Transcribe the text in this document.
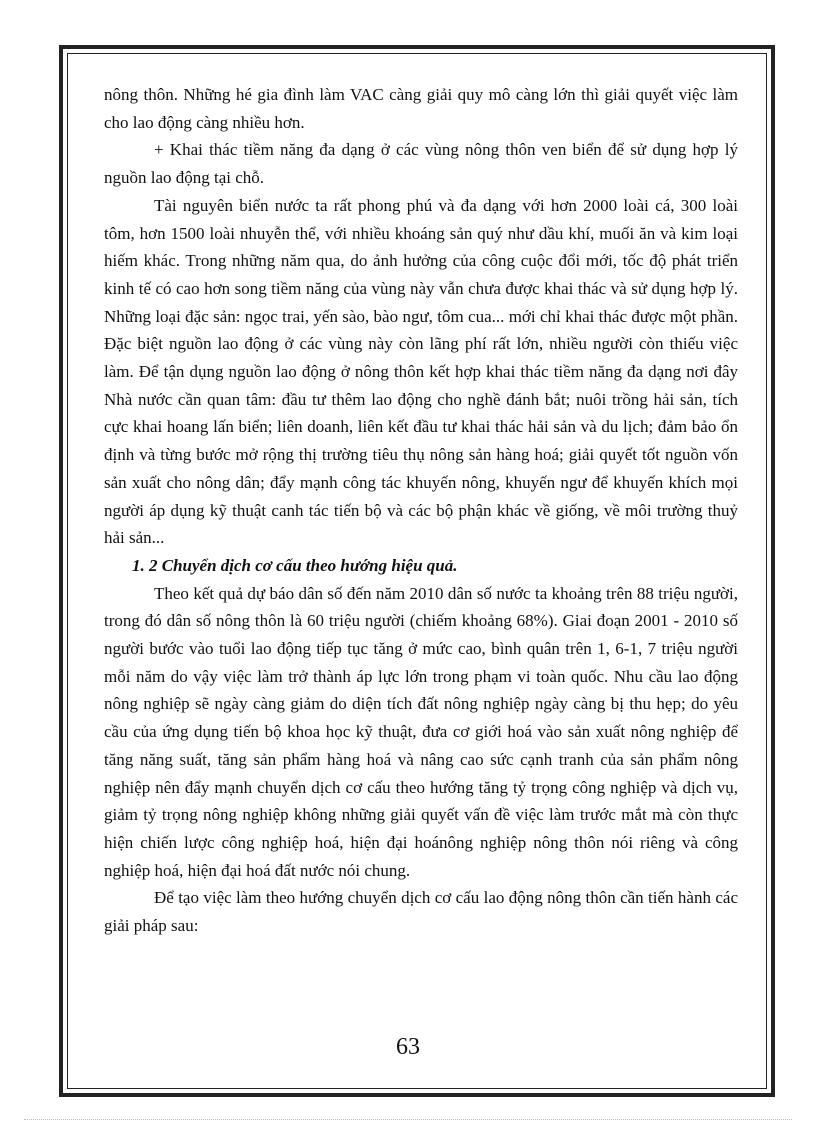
nông thôn. Những hé gia đình làm VAC càng giải quy mô càng lớn thì giải quyết việc làm cho lao động càng nhiều hơn.

+ Khai thác tiềm năng đa dạng ở các vùng nông thôn ven biển để sử dụng hợp lý nguồn lao động tại chỗ.

Tài nguyên biển nước ta rất phong phú và đa dạng với hơn 2000 loài cá, 300 loài tôm, hơn 1500 loài nhuyễn thể, với nhiều khoáng sản quý như dầu khí, muối ăn và kim loại hiếm khác. Trong những năm qua, do ảnh hưởng của công cuộc đổi mới, tốc độ phát triển kinh tế có cao hơn song tiềm năng của vùng này vẫn chưa được khai thác và sử dụng hợp lý. Những loại đặc sản: ngọc trai, yến sào, bào ngư, tôm cua... mới chỉ khai thác được một phần. Đặc biệt nguồn lao động ở các vùng này còn lãng phí rất lớn, nhiều người còn thiếu việc làm. Để tận dụng nguồn lao động ở nông thôn kết hợp khai thác tiềm năng đa dạng nơi đây Nhà nước cần quan tâm: đầu tư thêm lao động cho nghề đánh bắt; nuôi trồng hải sản, tích cực khai hoang lấn biển; liên doanh, liên kết đầu tư khai thác hải sản và du lịch; đảm bảo ổn định và từng bước mở rộng thị trường tiêu thụ nông sản hàng hoá; giải quyết tốt nguồn vốn sản xuất cho nông dân; đẩy mạnh công tác khuyến nông, khuyến ngư để khuyến khích mọi người áp dụng kỹ thuật canh tác tiến bộ và các bộ phận khác về giống, về môi trường thuỷ hải sản...

1. 2 Chuyển dịch cơ cấu theo hướng hiệu quả.

Theo kết quả dự báo dân số đến năm 2010 dân số nước ta khoảng trên 88 triệu người, trong đó dân số nông thôn là 60 triệu người (chiếm khoảng 68%). Giai đoạn 2001 - 2010 số người bước vào tuổi lao động tiếp tục tăng ở mức cao, bình quân trên 1, 6-1, 7 triệu người mỗi năm do vậy việc làm trở thành áp lực lớn trong phạm vi toàn quốc. Nhu cầu lao động nông nghiệp sẽ ngày càng giảm do diện tích đất nông nghiệp ngày càng bị thu hẹp; do yêu cầu của ứng dụng tiến bộ khoa học kỹ thuật, đưa cơ giới hoá vào sản xuất nông nghiệp để tăng năng suất, tăng sản phẩm hàng hoá và nâng cao sức cạnh tranh của sản phẩm nông nghiệp nên đẩy mạnh chuyển dịch cơ cấu theo hướng tăng tỷ trọng công nghiệp và dịch vụ, giảm tỷ trọng nông nghiệp không những giải quyết vấn đề việc làm trước mắt mà còn thực hiện chiến lược công nghiệp hoá, hiện đại hoánông nghiệp nông thôn nói riêng và công nghiệp hoá, hiện đại hoá đất nước nói chung.

Để tạo việc làm theo hướng chuyển dịch cơ cấu lao động nông thôn cần tiến hành các giải pháp sau:

63
